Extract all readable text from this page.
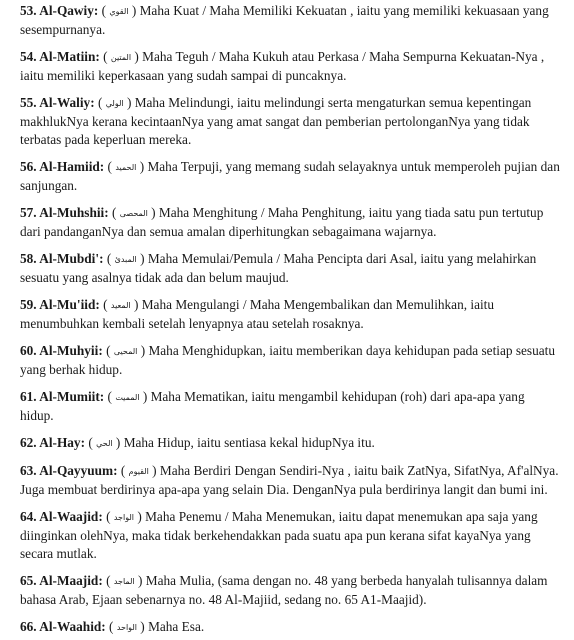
53. Al-Qawiy: ( القوي ) Maha Kuat / Maha Memiliki Kekuatan , iaitu yang memiliki kekuasaan yang sesempurnanya.

54. Al-Matiin: ( المتين ) Maha Teguh / Maha Kukuh atau Perkasa / Maha Sempurna Kekuatan-Nya , iaitu memiliki keperkasaan yang sudah sampai di puncaknya.

55. Al-Waliy: ( الولي ) Maha Melindungi, iaitu melindungi serta mengaturkan semua kepentingan makhlukNya kerana kecintaanNya yang amat sangat dan pemberian pertolonganNya yang tidak terbatas pada keperluan mereka.

56. Al-Hamiid: ( الحميد ) Maha Terpuji, yang memang sudah selayaknya untuk memperoleh pujian dan sanjungan.

57. Al-Muhshii: ( المحصى ) Maha Menghitung / Maha Penghitung, iaitu yang tiada satu pun tertutup dari pandanganNya dan semua amalan diperhitungkan sebagaimana wajarnya.

58. Al-Mubdi': ( المبدئ ) Maha Memulai/Pemula / Maha Pencipta dari Asal, iaitu yang melahirkan sesuatu yang asalnya tidak ada dan belum maujud.

59. Al-Mu'iid: ( المعيد ) Maha Mengulangi / Maha Mengembalikan dan Memulihkan, iaitu menumbuhkan kembali setelah lenyapnya atau setelah rosaknya.

60. Al-Muhyii: ( المحيى ) Maha Menghidupkan, iaitu memberikan daya kehidupan pada setiap sesuatu yang berhak hidup.

61. Al-Mumiit: ( المميت ) Maha Mematikan, iaitu mengambil kehidupan (roh) dari apa-apa yang hidup.

62. Al-Hay: ( الحي ) Maha Hidup, iaitu sentiasa kekal hidupNya itu.

63. Al-Qayyuum: ( القيوم ) Maha Berdiri Dengan Sendiri-Nya , iaitu baik ZatNya, SifatNya, Af'alNya. Juga membuat berdirinya apa-apa yang selain Dia. DenganNya pula berdirinya langit dan bumi ini.

64. Al-Waajid: ( الواجد ) Maha Penemu / Maha Menemukan, iaitu dapat menemukan apa saja yang diinginkan olehNya, maka tidak berkehendakkan pada suatu apa pun kerana sifat kayaNya yang secara mutlak.

65. Al-Maajid: ( الماجد ) Maha Mulia, (sama dengan no. 48 yang berbeda hanyalah tulisannya dalam bahasa Arab, Ejaan sebenarnya no. 48 Al-Majiid, sedang no. 65 A1-Maajid).

66. Al-Waahid: ( الواحد ) Maha Esa.
